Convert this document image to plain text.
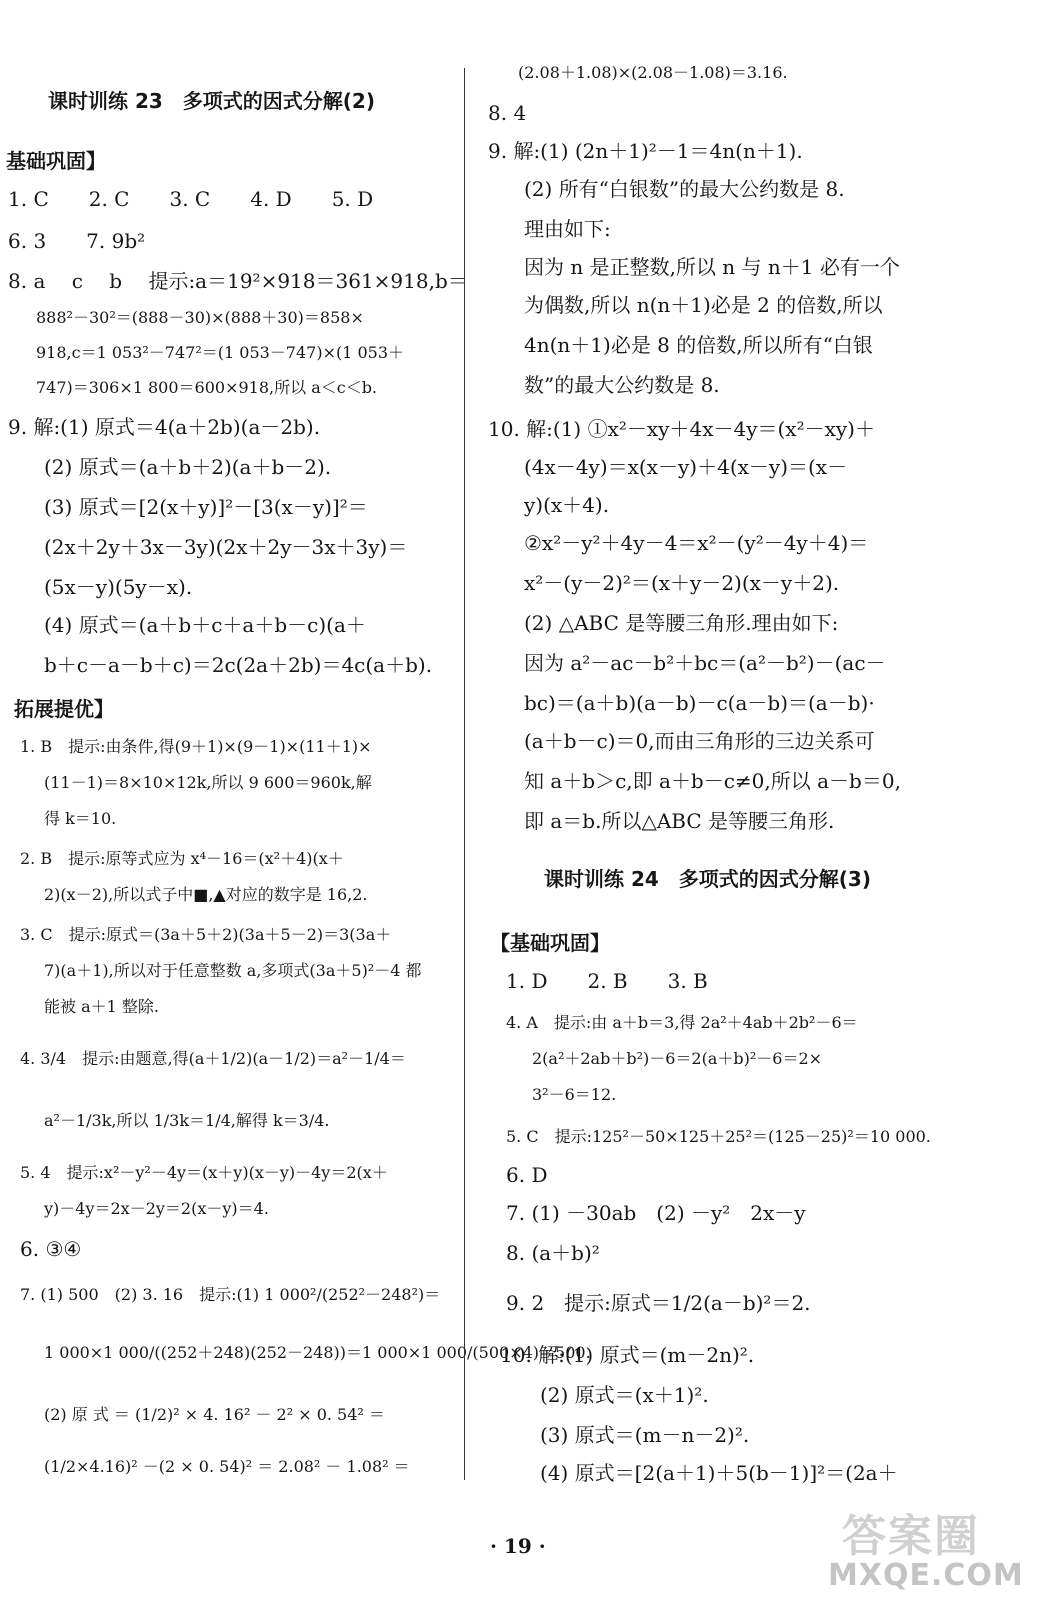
课时训练 23　多项式的因式分解(2)
基础巩固】
1. C　　2. C　　3. C　　4. D　　5. D
6. 3　　7. 9b²
8. a　 c　 b　 提示:a＝19²×918＝361×918,b＝
888²－30²＝(888－30)×(888＋30)＝858×
918,c＝1 053²－747²＝(1 053－747)×(1 053＋
747)＝306×1 800＝600×918,所以 a＜c＜b.
9. 解:(1) 原式＝4(a＋2b)(a－2b).
(2) 原式＝(a＋b＋2)(a＋b－2).
(3) 原式＝[2(x＋y)]²－[3(x－y)]²＝
(2x＋2y＋3x－3y)(2x＋2y－3x＋3y)＝
(5x－y)(5y－x).
(4) 原式＝(a＋b＋c＋a＋b－c)(a＋
b＋c－a－b＋c)＝2c(2a＋2b)＝4c(a＋b).
拓展提优】
1. B　提示:由条件,得(9＋1)×(9－1)×(11＋1)×
(11－1)＝8×10×12k,所以 9 600＝960k,解
得 k＝10.
2. B　提示:原等式应为 x⁴－16＝(x²＋4)(x＋
2)(x－2),所以式子中■,▲对应的数字是 16,2.
3. C　提示:原式＝(3a＋5＋2)(3a＋5－2)＝3(3a＋
7)(a＋1),所以对于任意整数 a,多项式(3a＋5)²－4 都
能被 a＋1 整除.
4. 3/4　提示:由题意,得(a＋1/2)(a－1/2)＝a²－1/4＝
a²－1/3k,所以 1/3k＝1/4,解得 k＝3/4.
5. 4　提示:x²－y²－4y＝(x＋y)(x－y)－4y＝2(x＋
y)－4y＝2x－2y＝2(x－y)＝4.
6. ③④
7. (1) 500　(2) 3. 16　提示:(1) 1 000²/(252²－248²)＝
1 000×1 000/((252＋248)(252－248))＝1 000×1 000/(500×4)＝500.
(2) 原 式 ＝ (1/2)² × 4. 16² － 2² × 0. 54² ＝
(1/2×4.16)² －(2 × 0. 54)² ＝ 2.08² － 1.08² ＝
(2.08＋1.08)×(2.08－1.08)＝3.16.
8. 4
9. 解:(1) (2n＋1)²－1＝4n(n＋1).
(2) 所有“白银数”的最大公约数是 8.
理由如下:
因为 n 是正整数,所以 n 与 n＋1 必有一个
为偶数,所以 n(n＋1)必是 2 的倍数,所以
4n(n＋1)必是 8 的倍数,所以所有“白银
数”的最大公约数是 8.
10. 解:(1) ①x²－xy＋4x－4y＝(x²－xy)＋
(4x－4y)＝x(x－y)＋4(x－y)＝(x－
y)(x＋4).
②x²－y²＋4y－4＝x²－(y²－4y＋4)＝
x²－(y－2)²＝(x＋y－2)(x－y＋2).
(2) △ABC 是等腰三角形.理由如下:
因为 a²－ac－b²＋bc＝(a²－b²)－(ac－
bc)＝(a＋b)(a－b)－c(a－b)＝(a－b)·
(a＋b－c)＝0,而由三角形的三边关系可
知 a＋b＞c,即 a＋b－c≠0,所以 a－b＝0,
即 a＝b.所以△ABC 是等腰三角形.
课时训练 24　多项式的因式分解(3)
【基础巩固】
1. D　　2. B　　3. B
4. A　提示:由 a＋b＝3,得 2a²＋4ab＋2b²－6＝
2(a²＋2ab＋b²)－6＝2(a＋b)²－6＝2×
3²－6＝12.
5. C　提示:125²－50×125＋25²＝(125－25)²＝10 000.
6. D
7. (1) －30ab　(2) －y²　2x－y
8. (a＋b)²
9. 2　提示:原式＝1/2(a－b)²＝2.
10. 解:(1) 原式＝(m－2n)².
(2) 原式＝(x＋1)².
(3) 原式＝(m－n－2)².
(4) 原式＝[2(a＋1)＋5(b－1)]²＝(2a＋
· 19 ·	答案圈
MXQE.COM
